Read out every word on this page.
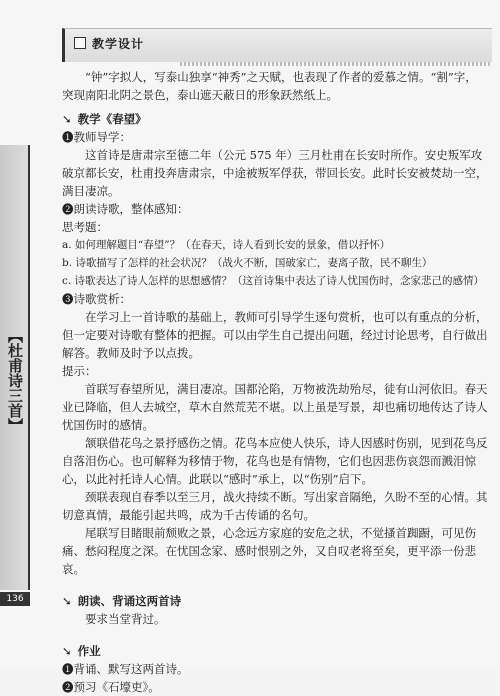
教学设计
【杜甫诗三首】
136
“钟”字拟人，写泰山独享“神秀”之天赋，也表现了作者的爱慕之情。“割”字，突现南阳北阴之景色，泰山遮天蔽日的形象跃然纸上。
➘ 教学《春望》
❶教师导学：
这首诗是唐肃宗至德二年（公元 575 年）三月杜甫在长安时所作。安史叛军攻破京都长安，杜甫投奔唐肃宗，中途被叛军俘获，带回长安。此时长安被焚劫一空，满目凄凉。
❷朗读诗歌，整体感知：
思考题：
a. 如何理解题目“春望”？（在春天，诗人看到长安的景象，借以抒怀）
b. 诗歌描写了怎样的社会状况？（战火不断，国破家亡，妻离子散，民不聊生）
c. 诗歌表达了诗人怎样的思想感情？（这首诗集中表达了诗人忧国伤时，念家悲己的感情）
❸诗歌赏析：
在学习上一首诗歌的基础上，教师可引导学生逐句赏析，也可以有重点的分析，但一定要对诗歌有整体的把握。可以由学生自己提出问题，经过讨论思考，自行做出解答。教师及时予以点拨。
提示：
首联写春望所见，满目凄凉。国都沦陷，万物被洗劫殆尽，徒有山河依旧。春天业已降临，但人去城空，草木自然荒芜不堪。以上虽是写景，却也痛切地传达了诗人忧国伤时的感情。
颔联借花鸟之景抒感伤之情。花鸟本应使人快乐，诗人因感时伤别，见到花鸟反自落泪伤心。也可解释为移情于物，花鸟也是有情物，它们也因悲伤哀怨而溅泪惊心，以此衬托诗人心情。此联以“感时”承上，以“伤别”启下。
颈联表现自春季以至三月，战火持续不断。写出家音隔绝，久盼不至的心情。其切意真情，最能引起共鸣，成为千古传诵的名句。
尾联写目睹眼前颓败之景，心念远方家庭的安危之状，不觉搔首踟蹰，可见伤痛、愁闷程度之深。在忧国念家、感时恨别之外，又自叹老将至矣，更平添一份悲哀。
➘ 朗读、背诵这两首诗
要求当堂背过。
➘ 作业
❶背诵、默写这两首诗。
❷预习《石壕吏》。
